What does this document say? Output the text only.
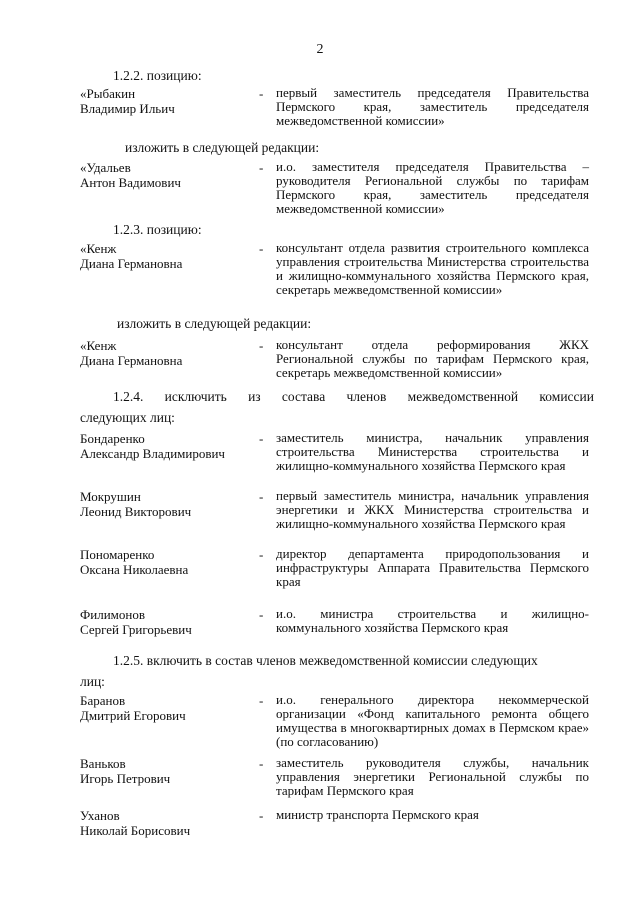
2
1.2.2. позицию:
«Рыбакин
Владимир Ильич
- первый заместитель председателя Правительства Пермского края, заместитель председателя межведомственной комиссии»
изложить в следующей редакции:
«Удальев
Антон Вадимович
- и.о. заместителя председателя Правительства – руководителя Региональной службы по тарифам Пермского края, заместитель председателя межведомственной комиссии»
1.2.3. позицию:
«Кенж
Диана Германовна
- консультант отдела развития строительного комплекса управления строительства Министерства строительства и жилищно-коммунального хозяйства Пермского края, секретарь межведомственной комиссии»
изложить в следующей редакции:
«Кенж
Диана Германовна
- консультант отдела реформирования ЖКХ Региональной службы по тарифам Пермского края, секретарь межведомственной комиссии»
1.2.4. исключить из состава членов межведомственной комиссии
следующих лиц:
Бондаренко
Александр Владимирович
- заместитель министра, начальник управления строительства Министерства строительства и жилищно-коммунального хозяйства Пермского края
Мокрушин
Леонид Викторович
- первый заместитель министра, начальник управления энергетики и ЖКХ Министерства строительства и жилищно-коммунального хозяйства Пермского края
Пономаренко
Оксана Николаевна
- директор департамента природопользования и инфраструктуры Аппарата Правительства Пермского края
Филимонов
Сергей Григорьевич
- и.о. министра строительства и жилищно-коммунального хозяйства Пермского края
1.2.5. включить в состав членов межведомственной комиссии следующих
лиц:
Баранов
Дмитрий Егорович
- и.о. генерального директора некоммерческой организации «Фонд капитального ремонта общего имущества в многоквартирных домах в Пермском крае» (по согласованию)
Ваньков
Игорь Петрович
- заместитель руководителя службы, начальник управления энергетики Региональной службы по тарифам Пермского края
Уханов
Николай Борисович
- министр транспорта Пермского края
